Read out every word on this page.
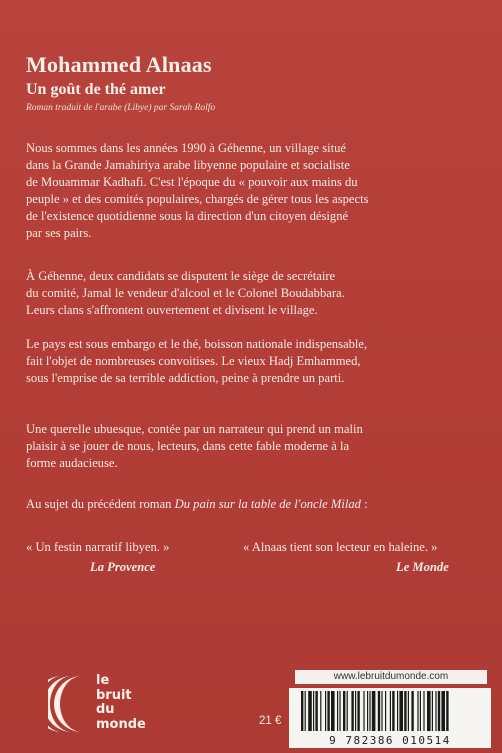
Mohammed Alnaas
Un goût de thé amer
Roman traduit de l'arabe (Libye) par Sarah Rolfo
Nous sommes dans les années 1990 à Géhenne, un village situé
dans la Grande Jamahiriya arabe libyenne populaire et socialiste
de Mouammar Kadhafi. C'est l'époque du « pouvoir aux mains du
peuple » et des comités populaires, chargés de gérer tous les aspects
de l'existence quotidienne sous la direction d'un citoyen désigné
par ses pairs.
À Géhenne, deux candidats se disputent le siège de secrétaire
du comité, Jamal le vendeur d'alcool et le Colonel Boudabbara.
Leurs clans s'affrontent ouvertement et divisent le village.
Le pays est sous embargo et le thé, boisson nationale indispensable,
fait l'objet de nombreuses convoitises. Le vieux Hadj Emhammed,
sous l'emprise de sa terrible addiction, peine à prendre un parti.
Une querelle ubuesque, contée par un narrateur qui prend un malin
plaisir à se jouer de nous, lecteurs, dans cette fable moderne à la
forme audacieuse.
Au sujet du précédent roman Du pain sur la table de l'oncle Milad :
« Un festin narratif libyen. »
La Provence
« Alnaas tient son lecteur en haleine. »
Le Monde
le
bruit
du
monde	21 €
www.lebruitdumonde.com
9 782386 010514
